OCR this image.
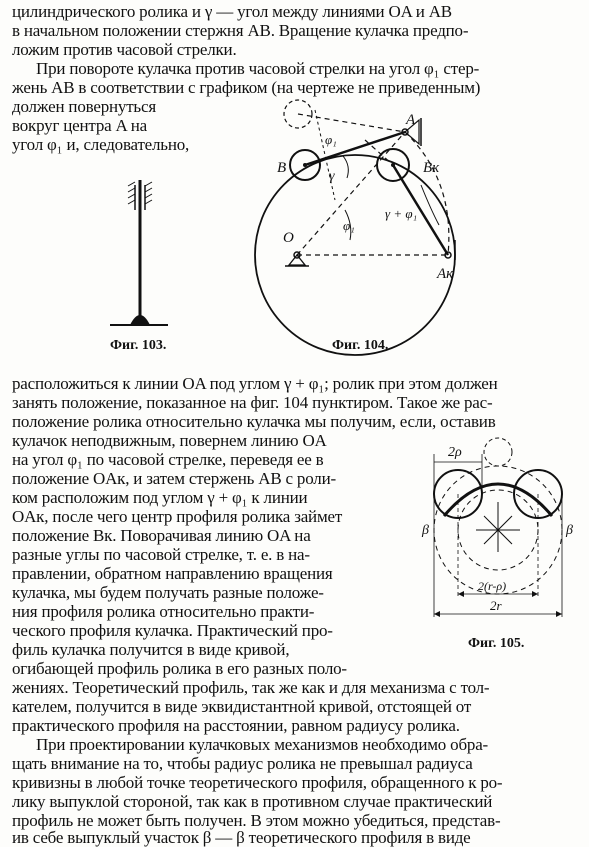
цилиндрического ролика и γ — угол между линиями OA и AB
в начальном положении стержня AB. Вращение кулачка предпо-
ложим против часовой стрелки.
При повороте кулачка против часовой стрелки на угол φ₁ стер-
жень AB в соответствии с графиком (на чертеже не приведенным)
должен повернуться
вокруг центра A на
угол φ₁ и, следовательно,
расположиться к линии OA под углом γ + φ₁; ролик при этом должен
занять положение, показанное на фиг. 104 пунктиром. Такое же рас-
положение ролика относительно кулачка мы получим, если, оставив
кулачок неподвижным, повернем линию OA
на угол φ₁ по часовой стрелке, переведя ее в
положение OAк, и затем стержень AB с роли-
ком расположим под углом γ + φ₁ к линии
OAк, после чего центр профиля ролика займет
положение Bк. Поворачивая линию OA на
разные углы по часовой стрелке, т. е. в на-
правлении, обратном направлению вращения
кулачка, мы будем получать разные положе-
ния профиля ролика относительно практи-
ческого профиля кулачка. Практический про-
филь кулачка получится в виде кривой,
огибающей профиль ролика в его разных поло-
жениях. Теоретический профиль, так же как и для механизма с тол-
кателем, получится в виде эквидистантной кривой, отстоящей от
практического профиля на расстоянии, равном радиусу ролика.
При проектировании кулачковых механизмов необходимо обра-
щать внимание на то, чтобы радиус ролика не превышал радиуса
кривизны в любой точке теоретического профиля, обращенного к ро-
лику выпуклой стороной, так как в противном случае практический
профиль не может быть получен. В этом можно убедиться, представ-
ив себе выпуклый участок β — β теоретического профиля в виде
Фиг. 103.
B	Bк
O
A
Aк
φ₁
γ
φ₁
γ + φ₁
Фиг. 104.
2ρ
β	β
2(r-ρ)
2r
Фиг. 105.
